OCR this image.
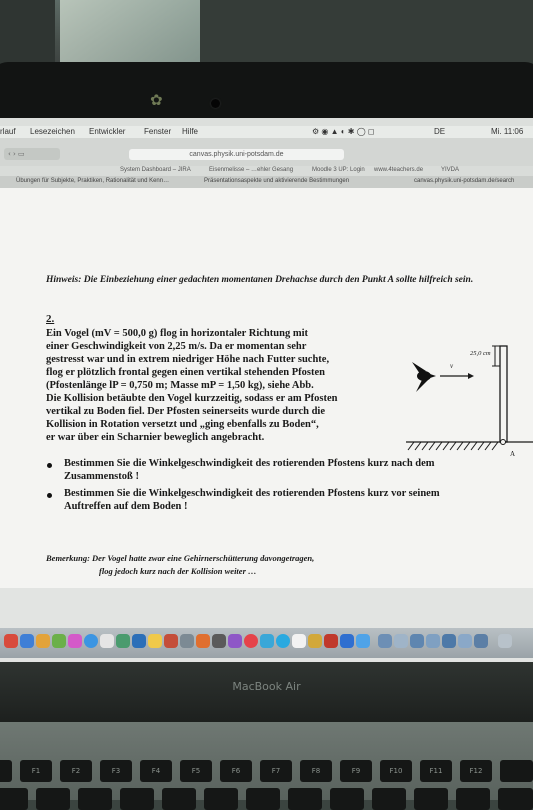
✿
rlauf Lesezeichen Entwickler Fenster Hilfe	⚙ ◉ ▲ ◐ ✱ ◯ ◻	DE	Mi. 11:06
‹ › ▭	canvas.physik.uni-potsdam.de
System Dashboard – JIRA	Eisenmelisse – …ehler Gesang	Moodle 3 UP: Login www.4teachers.de	YIVDA
Übungen für Subjekte, Praktiken, Rationalität und Kenn…	Präsentationsaspekte und aktivierende Bestimmungen	canvas.physik.uni-potsdam.de/search
Hinweis: Die Einbeziehung einer gedachten momentanen Drehachse durch den Punkt A sollte hilfreich sein.
2.
Ein Vogel (mV = 500,0 g) flog in horizontaler Richtung mit
einer Geschwindigkeit von 2,25 m/s. Da er momentan sehr
gestresst war und in extrem niedriger Höhe nach Futter suchte,
flog er plötzlich frontal gegen einen vertikal stehenden Pfosten
(Pfostenlänge lP = 0,750 m; Masse mP = 1,50 kg), siehe Abb.
Die Kollision betäubte den Vogel kurzzeitig, sodass er am Pfosten
vertikal zu Boden fiel. Der Pfosten seinerseits wurde durch die
Kollision in Rotation versetzt und „ging ebenfalls zu Boden“,
er war über ein Scharnier beweglich angebracht.
Bestimmen Sie die Winkelgeschwindigkeit des rotierenden Pfostens kurz nach dem
Zusammenstoß !
Bestimmen Sie die Winkelgeschwindigkeit des rotierenden Pfostens kurz vor seinem
Auftreffen auf dem Boden !
Bemerkung: Der Vogel hatte zwar eine Gehirnerschütterung davongetragen,
flog jedoch kurz nach der Kollision weiter …
25,0 cm
v
A
MacBook Air
F1	F2	F3	F4	F5	F6	F7	F8	F9	F10	F11	F12
